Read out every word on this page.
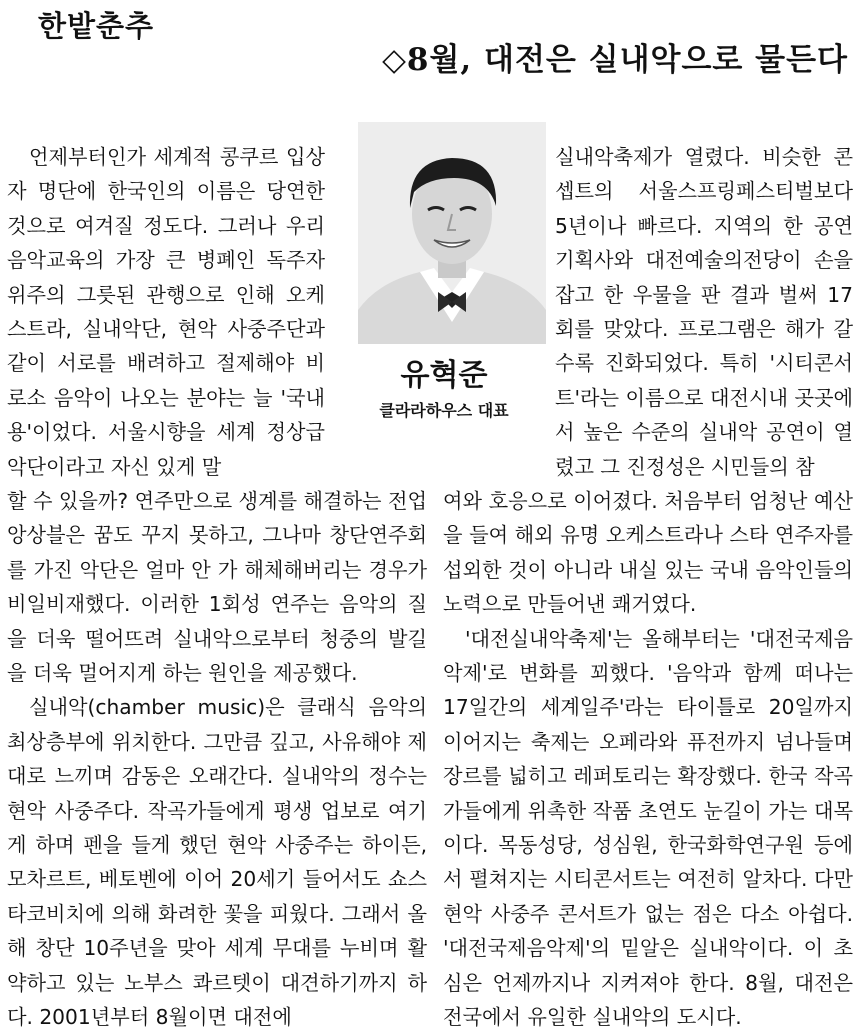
한밭춘추
◇8월, 대전은 실내악으로 물든다
유혁준
클라라하우스 대표

언제부터인가 세계적 콩쿠르 입상자 명단에 한국인의 이름은 당연한 것으로 여겨질 정도다. 그러나 우리 음악교육의 가장 큰 병폐인 독주자 위주의 그릇된 관행으로 인해 오케스트라, 실내악단, 현악 사중주단과 같이 서로를 배려하고 절제해야 비로소 음악이 나오는 분야는 늘 '국내용'이었다. 서울시향을 세계 정상급 악단이라고 자신 있게 말

할 수 있을까? 연주만으로 생계를 해결하는 전업 앙상블은 꿈도 꾸지 못하고, 그나마 창단연주회를 가진 악단은 얼마 안 가 해체해버리는 경우가 비일비재했다. 이러한 1회성 연주는 음악의 질을 더욱 떨어뜨려 실내악으로부터 청중의 발길을 더욱 멀어지게 하는 원인을 제공했다.

실내악(chamber music)은 클래식 음악의 최상층부에 위치한다. 그만큼 깊고, 사유해야 제대로 느끼며 감동은 오래간다. 실내악의 정수는 현악 사중주다. 작곡가들에게 평생 업보로 여기게 하며 펜을 들게 했던 현악 사중주는 하이든, 모차르트, 베토벤에 이어 20세기 들어서도 쇼스타코비치에 의해 화려한 꽃을 피웠다. 그래서 올해 창단 10주년을 맞아 세계 무대를 누비며 활약하고 있는 노부스 콰르텟이 대견하기까지 하다. 2001년부터 8월이면 대전에

실내악축제가 열렸다. 비슷한 콘셉트의 서울스프링페스티벌보다 5년이나 빠르다. 지역의 한 공연기획사와 대전예술의전당이 손을 잡고 한 우물을 판 결과 벌써 17회를 맞았다. 프로그램은 해가 갈수록 진화되었다. 특히 '시티콘서트'라는 이름으로 대전시내 곳곳에서 높은 수준의 실내악 공연이 열렸고 그 진정성은 시민들의 참

여와 호응으로 이어졌다. 처음부터 엄청난 예산을 들여 해외 유명 오케스트라나 스타 연주자를 섭외한 것이 아니라 내실 있는 국내 음악인들의 노력으로 만들어낸 쾌거였다.

'대전실내악축제'는 올해부터는 '대전국제음악제'로 변화를 꾀했다. '음악과 함께 떠나는 17일간의 세계일주'라는 타이틀로 20일까지 이어지는 축제는 오페라와 퓨전까지 넘나들며 장르를 넓히고 레퍼토리는 확장했다. 한국 작곡가들에게 위촉한 작품 초연도 눈길이 가는 대목이다. 목동성당, 성심원, 한국화학연구원 등에서 펼쳐지는 시티콘서트는 여전히 알차다. 다만 현악 사중주 콘서트가 없는 점은 다소 아쉽다. '대전국제음악제'의 밑알은 실내악이다. 이 초심은 언제까지나 지켜져야 한다. 8월, 대전은 전국에서 유일한 실내악의 도시다.
